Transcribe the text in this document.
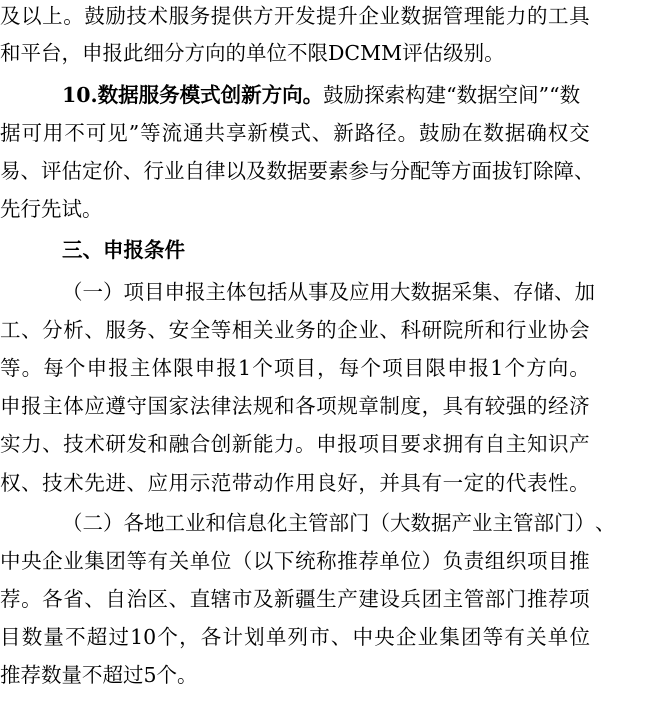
及 以 上 。 鼓 励 技 术 服 务 提 供 方 开 发 提 升 企 业 数 据 管 理 能 力 的 工 具
和平台，申报此细分方向的单位不限DCMM评估级别。
10.数据服务模式创新方向。鼓励探索构建“数据空间”“数
据 可 用 不 可 见 ” 等 流 通 共 享 新 模 式 、 新 路 径 。 鼓 励 在 数 据 确 权 交
易 、 评 估 定 价 、 行 业 自 律 以 及 数 据 要 素 参 与 分 配 等 方 面 拔 钉 除 障 、
先行先试。
三、申报条件
（ 一 ） 项 目 申 报 主 体 包 括 从 事 及 应 用 大 数 据 采 集 、 存 储 、 加
工 、 分 析 、 服 务 、 安 全 等 相 关 业 务 的 企 业 、 科 研 院 所 和 行 业 协 会
等 。 每 个 申 报 主 体 限 申 报 1 个 项 目 ， 每 个 项 目 限 申 报 1 个 方 向 。
申 报 主 体 应 遵 守 国 家 法 律 法 规 和 各 项 规 章 制 度 ， 具 有 较 强 的 经 济
实 力 、 技 术 研 发 和 融 合 创 新 能 力 。 申 报 项 目 要 求 拥 有 自 主 知 识 产
权 、 技 术 先 进 、 应 用 示 范 带 动 作 用 良 好 ， 并 具 有 一 定 的 代 表 性 。
（ 二 ） 各 地 工 业 和 信 息 化 主 管 部 门 （ 大 数 据 产 业 主 管 部 门 ） 、
中 央 企 业 集 团 等 有 关 单 位 （ 以 下 统 称 推 荐 单 位 ） 负 责 组 织 项 目 推
荐 。 各 省 、 自 治 区 、 直 辖 市 及 新 疆 生 产 建 设 兵 团 主 管 部 门 推 荐 项
目 数 量 不 超 过 10 个 ， 各 计 划 单 列 市 、 中 央 企 业 集 团 等 有 关 单 位
推荐数量不超过5个。
